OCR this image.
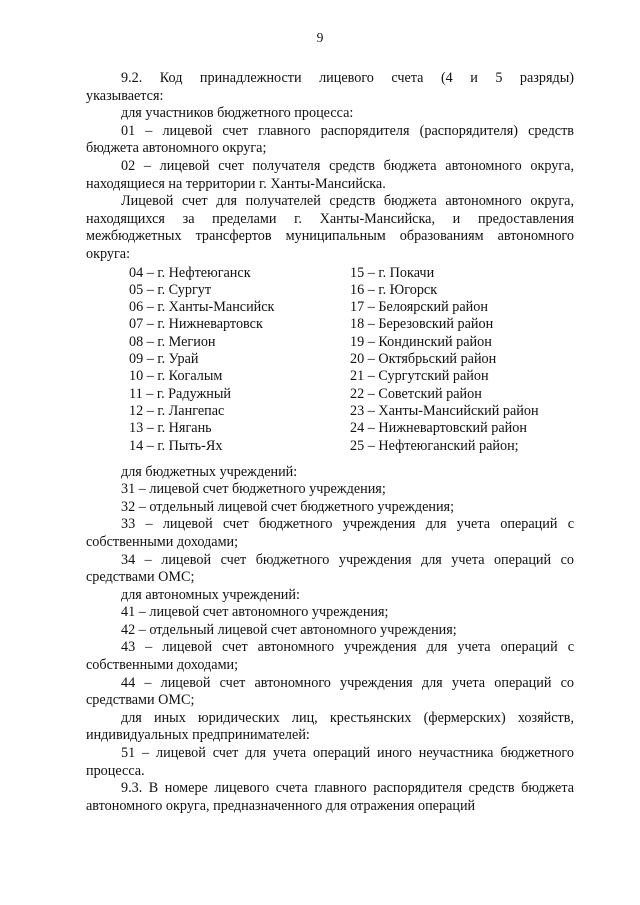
9

9.2. Код принадлежности лицевого счета (4 и 5 разряды)

указывается:

для участников бюджетного процесса:

01 – лицевой счет главного распорядителя (распорядителя) средств бюджета автономного округа;

02 – лицевой счет получателя средств бюджета автономного округа, находящиеся на территории г. Ханты-Мансийска.

Лицевой счет для получателей средств бюджета автономного округа, находящихся за пределами г. Ханты-Мансийска, и предоставления межбюджетных трансфертов муниципальным образованиям автономного округа:

04 – г. Нефтеюганск
05 – г. Сургут
06 – г. Ханты-Мансийск
07 – г. Нижневартовск
08 – г. Мегион
09 – г. Урай
10 – г. Когалым
11 – г. Радужный
12 – г. Лангепас
13 – г. Нягань
14 – г. Пыть-Ях
15 – г. Покачи
16 – г. Югорск
17 – Белоярский район
18 – Березовский район
19 – Кондинский район
20 – Октябрьский район
21 – Сургутский район
22 – Советский район
23 – Ханты-Мансийский район
24 – Нижневартовский район
25 – Нефтеюганский район;

для бюджетных учреждений:

31 – лицевой счет бюджетного учреждения;

32 – отдельный лицевой счет бюджетного учреждения;

33 – лицевой счет бюджетного учреждения для учета операций с собственными доходами;

34 – лицевой счет бюджетного учреждения для учета операций со средствами ОМС;

для автономных учреждений:

41 – лицевой счет автономного учреждения;

42 – отдельный лицевой счет автономного учреждения;

43 – лицевой счет автономного учреждения для учета операций с собственными доходами;

44 – лицевой счет автономного учреждения для учета операций со средствами ОМС;

для иных юридических лиц, крестьянских (фермерских) хозяйств, индивидуальных предпринимателей:

51 – лицевой счет для учета операций иного неучастника бюджетного процесса.

9.3. В номере лицевого счета главного распорядителя средств бюджета автономного округа, предназначенного для отражения операций
